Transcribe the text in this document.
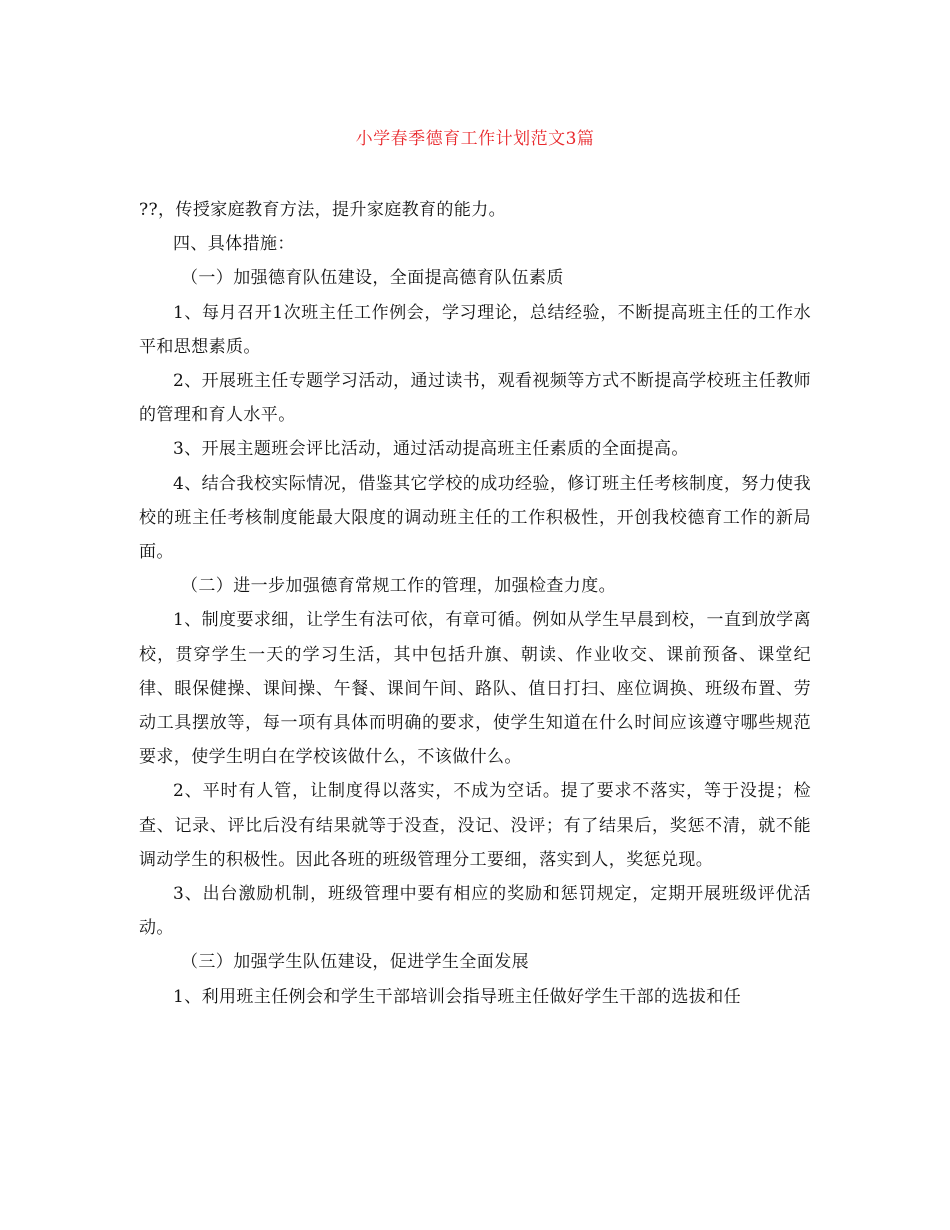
小学春季德育工作计划范文3篇

??，传授家庭教育方法，提升家庭教育的能力。

四、具体措施：

（一）加强德育队伍建设，全面提高德育队伍素质

1、每月召开1次班主任工作例会，学习理论，总结经验，不断提高班主任的工作水平和思想素质。

2、开展班主任专题学习活动，通过读书，观看视频等方式不断提高学校班主任教师的管理和育人水平。

3、开展主题班会评比活动，通过活动提高班主任素质的全面提高。

4、结合我校实际情况，借鉴其它学校的成功经验，修订班主任考核制度，努力使我校的班主任考核制度能最大限度的调动班主任的工作积极性，开创我校德育工作的新局面。

（二）进一步加强德育常规工作的管理，加强检查力度。

1、制度要求细，让学生有法可依，有章可循。例如从学生早晨到校，一直到放学离校，贯穿学生一天的学习生活，其中包括升旗、朝读、作业收交、课前预备、课堂纪律、眼保健操、课间操、午餐、课间午间、路队、值日打扫、座位调换、班级布置、劳动工具摆放等，每一项有具体而明确的要求，使学生知道在什么时间应该遵守哪些规范要求，使学生明白在学校该做什么，不该做什么。

2、平时有人管，让制度得以落实，不成为空话。提了要求不落实，等于没提；检查、记录、评比后没有结果就等于没查，没记、没评；有了结果后，奖惩不清，就不能调动学生的积极性。因此各班的班级管理分工要细，落实到人，奖惩兑现。

3、出台激励机制，班级管理中要有相应的奖励和惩罚规定，定期开展班级评优活动。

（三）加强学生队伍建设，促进学生全面发展

1、利用班主任例会和学生干部培训会指导班主任做好学生干部的选拔和任
